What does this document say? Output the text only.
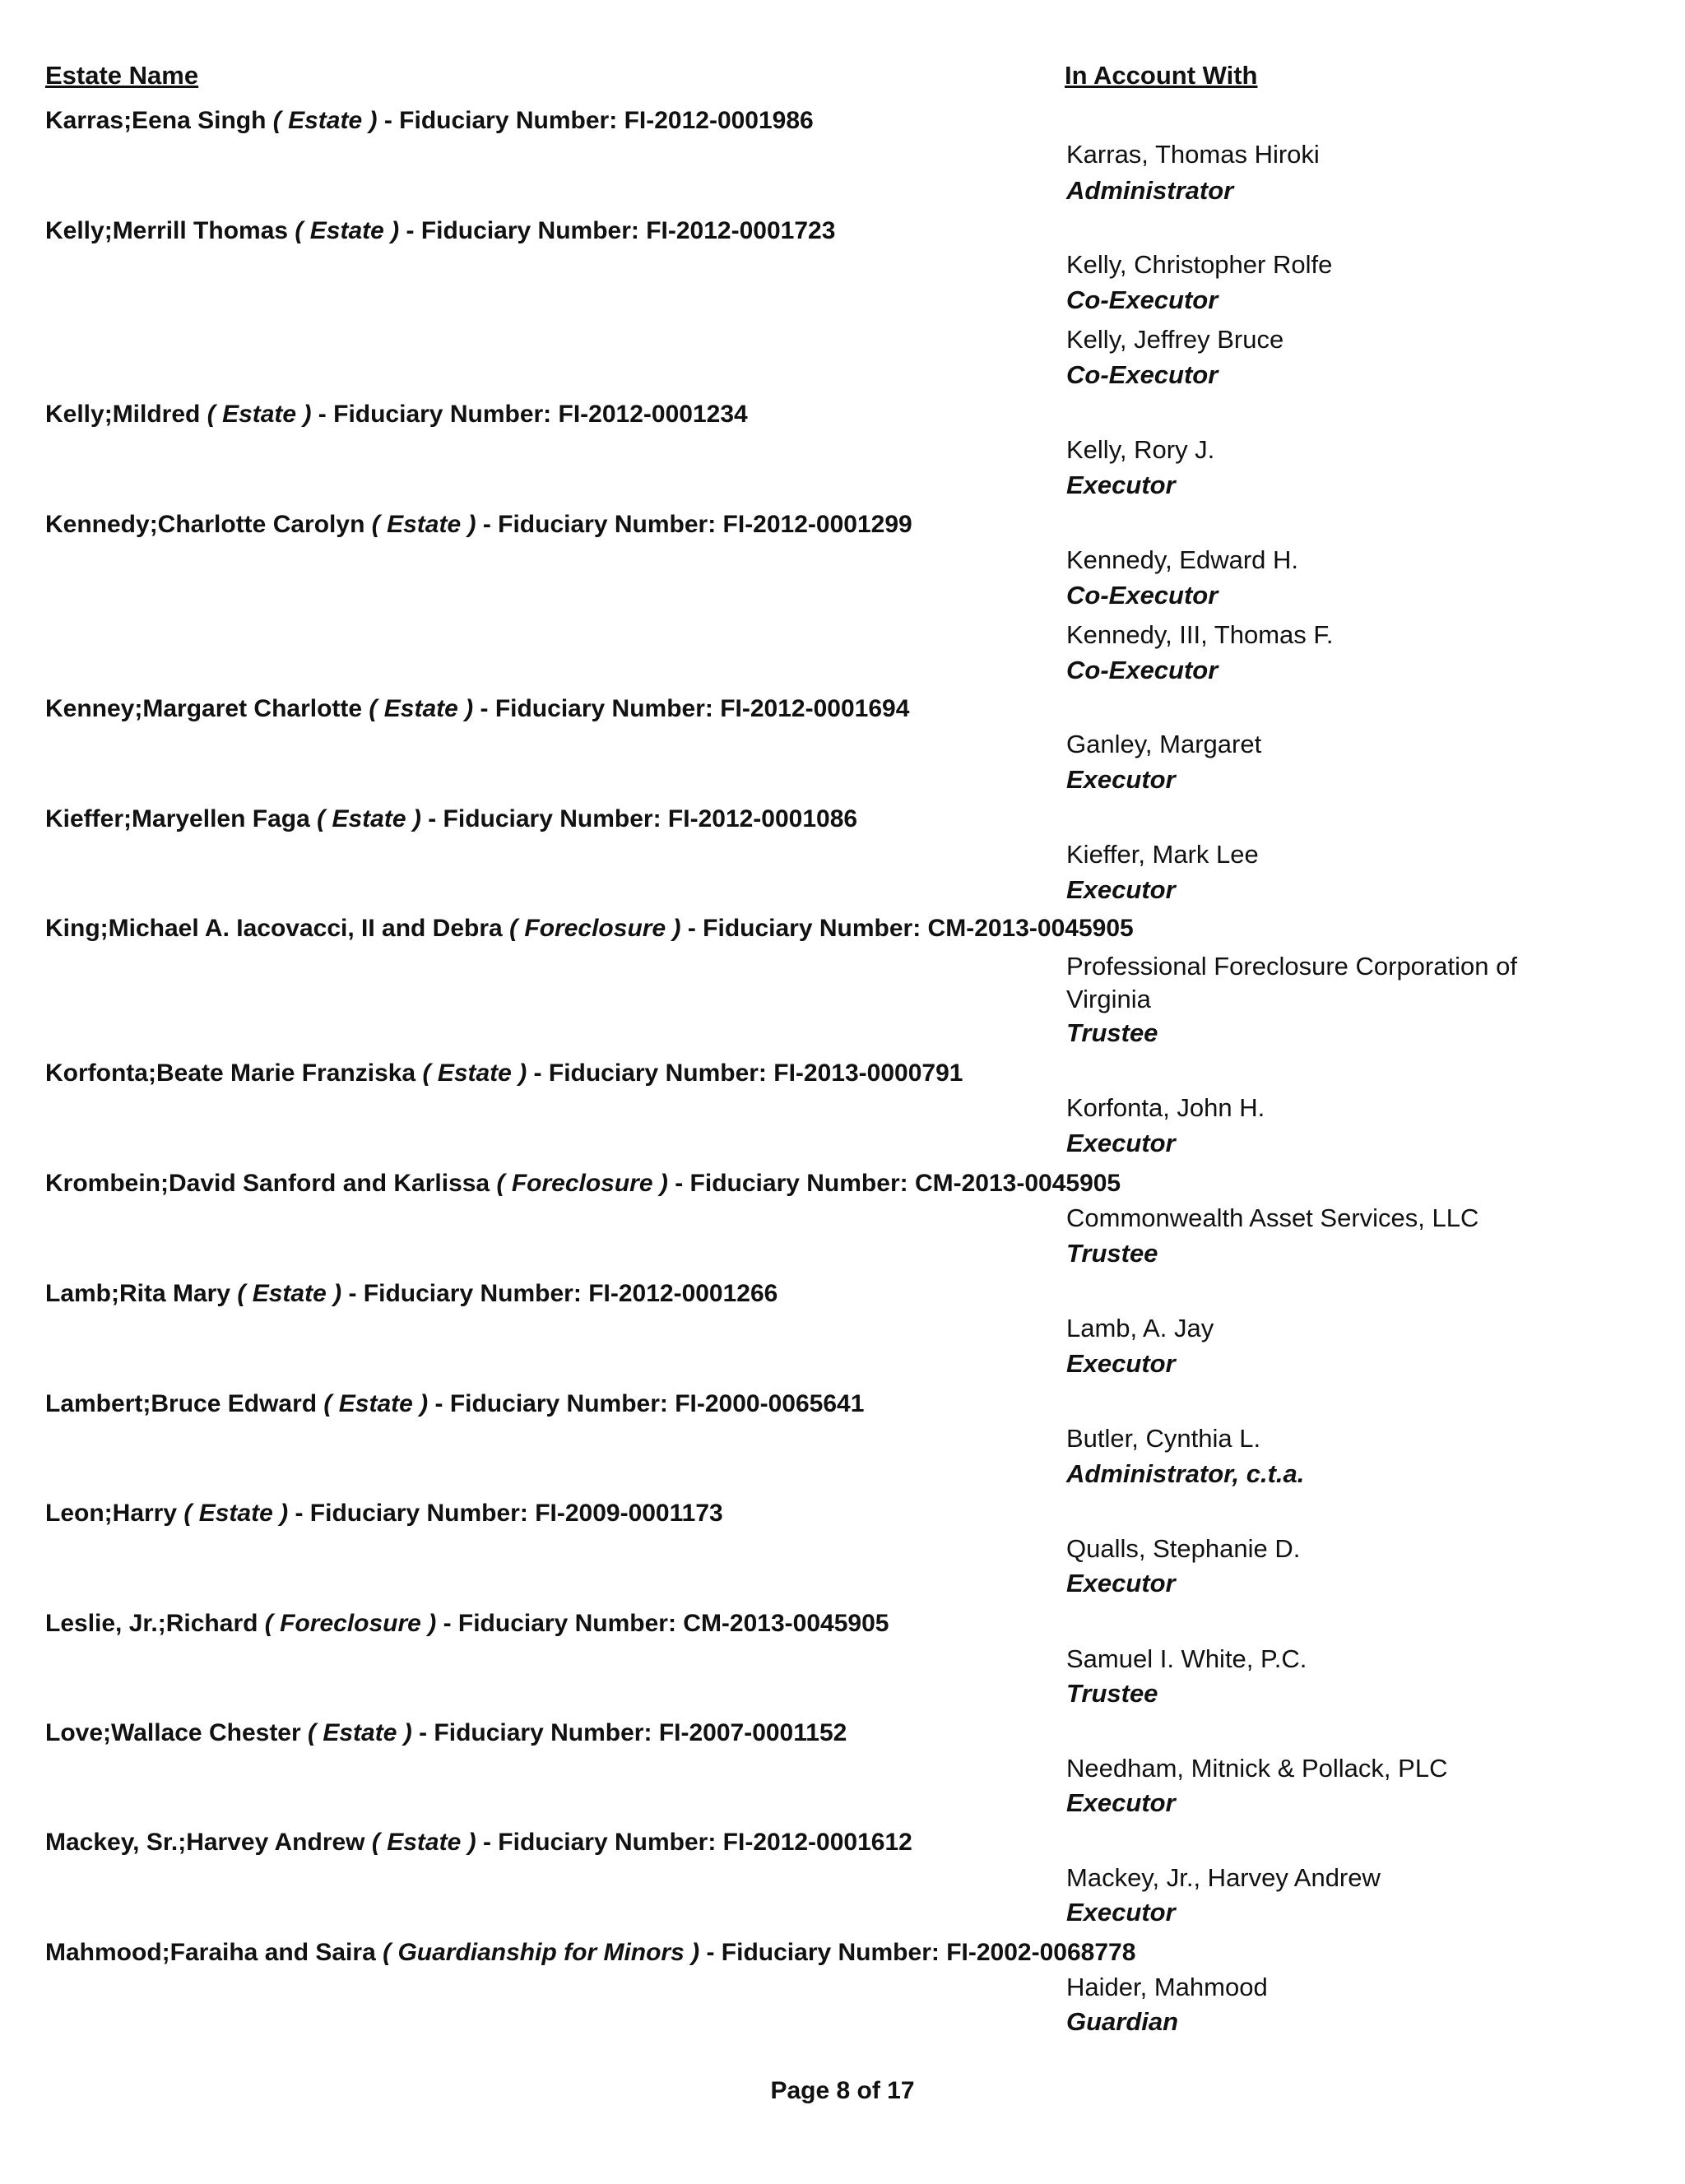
Estate Name	In Account With
Karras;Eena Singh ( Estate ) - Fiduciary Number: FI-2012-0001986
Karras, Thomas Hiroki
Administrator
Kelly;Merrill Thomas ( Estate ) - Fiduciary Number: FI-2012-0001723
Kelly, Christopher Rolfe
Co-Executor
Kelly, Jeffrey Bruce
Co-Executor
Kelly;Mildred ( Estate ) - Fiduciary Number: FI-2012-0001234
Kelly, Rory J.
Executor
Kennedy;Charlotte Carolyn ( Estate ) - Fiduciary Number: FI-2012-0001299
Kennedy, Edward H.
Co-Executor
Kennedy, III, Thomas F.
Co-Executor
Kenney;Margaret Charlotte ( Estate ) - Fiduciary Number: FI-2012-0001694
Ganley, Margaret
Executor
Kieffer;Maryellen Faga ( Estate ) - Fiduciary Number: FI-2012-0001086
Kieffer, Mark Lee
Executor
King;Michael A. Iacovacci, II and Debra ( Foreclosure ) - Fiduciary Number: CM-2013-0045905
Professional Foreclosure Corporation of Virginia
Trustee
Korfonta;Beate Marie Franziska ( Estate ) - Fiduciary Number: FI-2013-0000791
Korfonta, John H.
Executor
Krombein;David Sanford and Karlissa ( Foreclosure ) - Fiduciary Number: CM-2013-0045905
Commonwealth Asset Services, LLC
Trustee
Lamb;Rita Mary ( Estate ) - Fiduciary Number: FI-2012-0001266
Lamb, A. Jay
Executor
Lambert;Bruce Edward ( Estate ) - Fiduciary Number: FI-2000-0065641
Butler, Cynthia L.
Administrator, c.t.a.
Leon;Harry ( Estate ) - Fiduciary Number: FI-2009-0001173
Qualls, Stephanie D.
Executor
Leslie, Jr.;Richard ( Foreclosure ) - Fiduciary Number: CM-2013-0045905
Samuel I. White, P.C.
Trustee
Love;Wallace Chester ( Estate ) - Fiduciary Number: FI-2007-0001152
Needham, Mitnick & Pollack, PLC
Executor
Mackey, Sr.;Harvey Andrew ( Estate ) - Fiduciary Number: FI-2012-0001612
Mackey, Jr., Harvey Andrew
Executor
Mahmood;Faraiha and Saira ( Guardianship for Minors ) - Fiduciary Number: FI-2002-0068778
Haider, Mahmood
Guardian
Page 8 of 17
